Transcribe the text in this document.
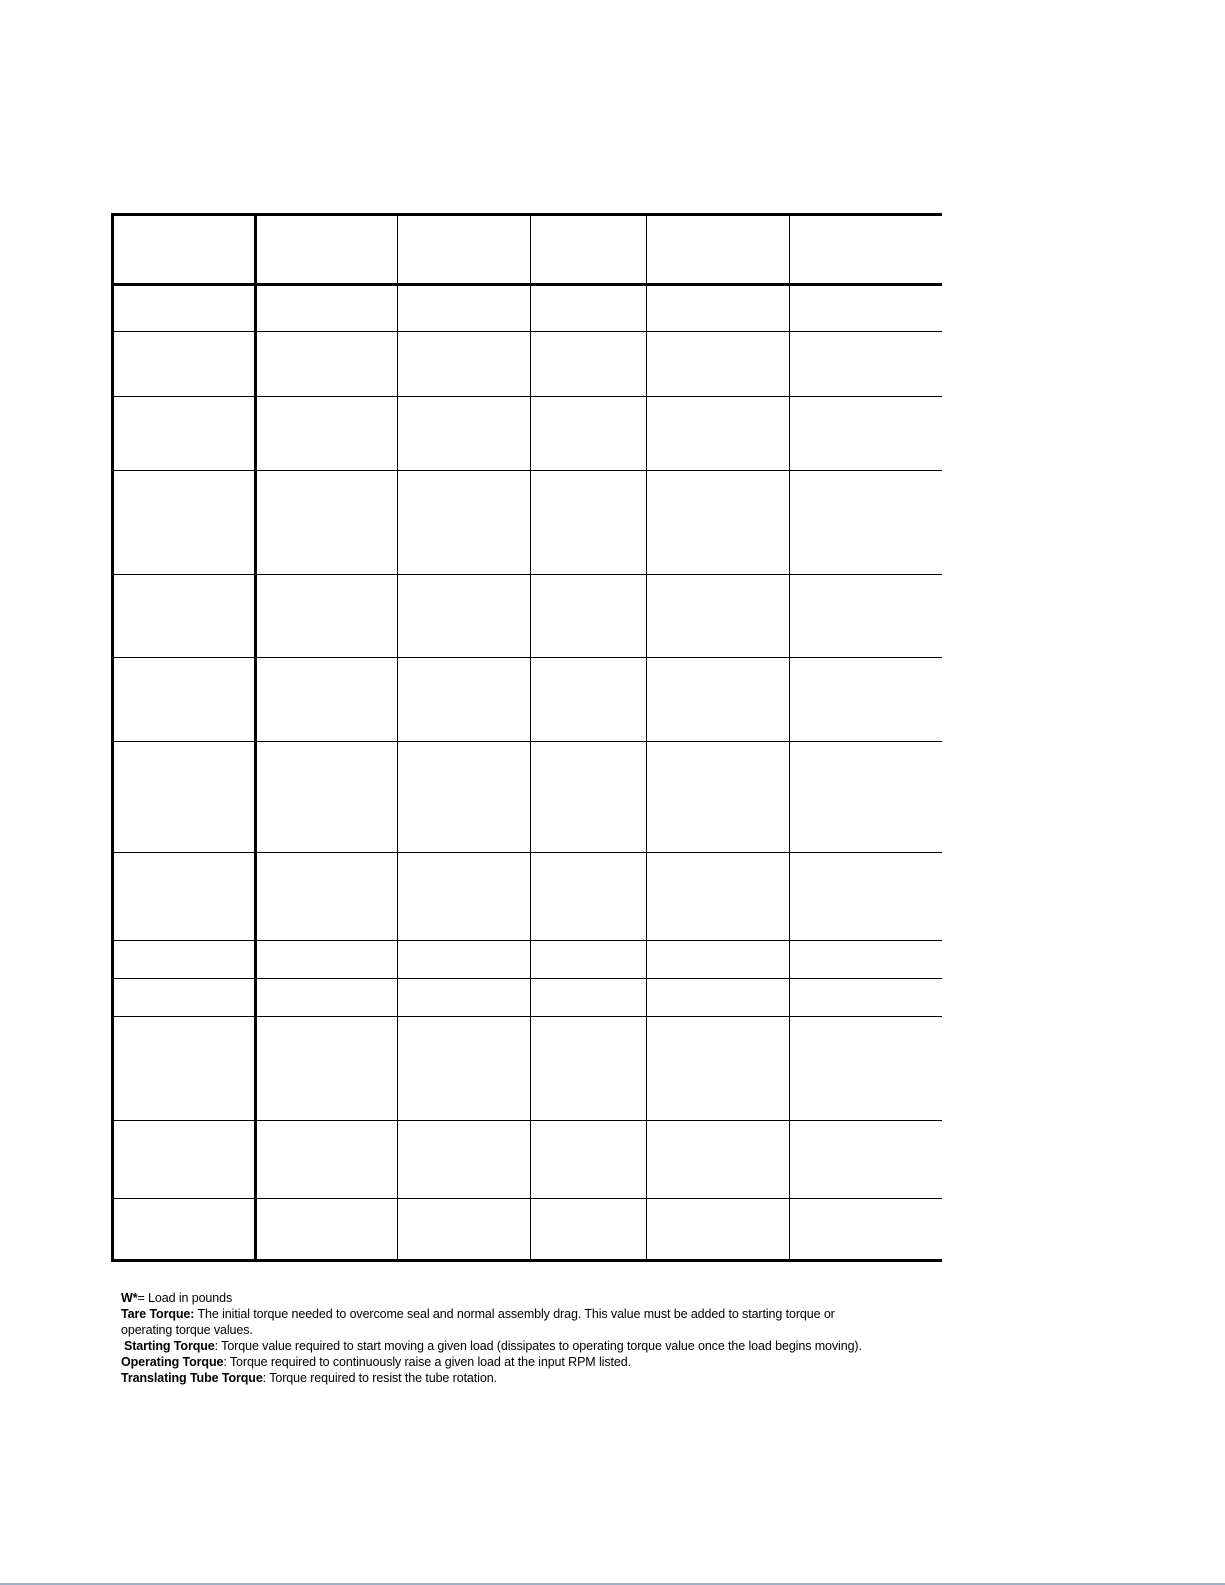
W*= Load in pounds

Tare Torque: The initial torque needed to overcome seal and normal assembly drag. This value must be added to starting torque or operating torque values.

Starting Torque: Torque value required to start moving a given load (dissipates to operating torque value once the load begins moving).

Operating Torque: Torque required to continuously raise a given load at the input RPM listed.

Translating Tube Torque: Torque required to resist the tube rotation.
